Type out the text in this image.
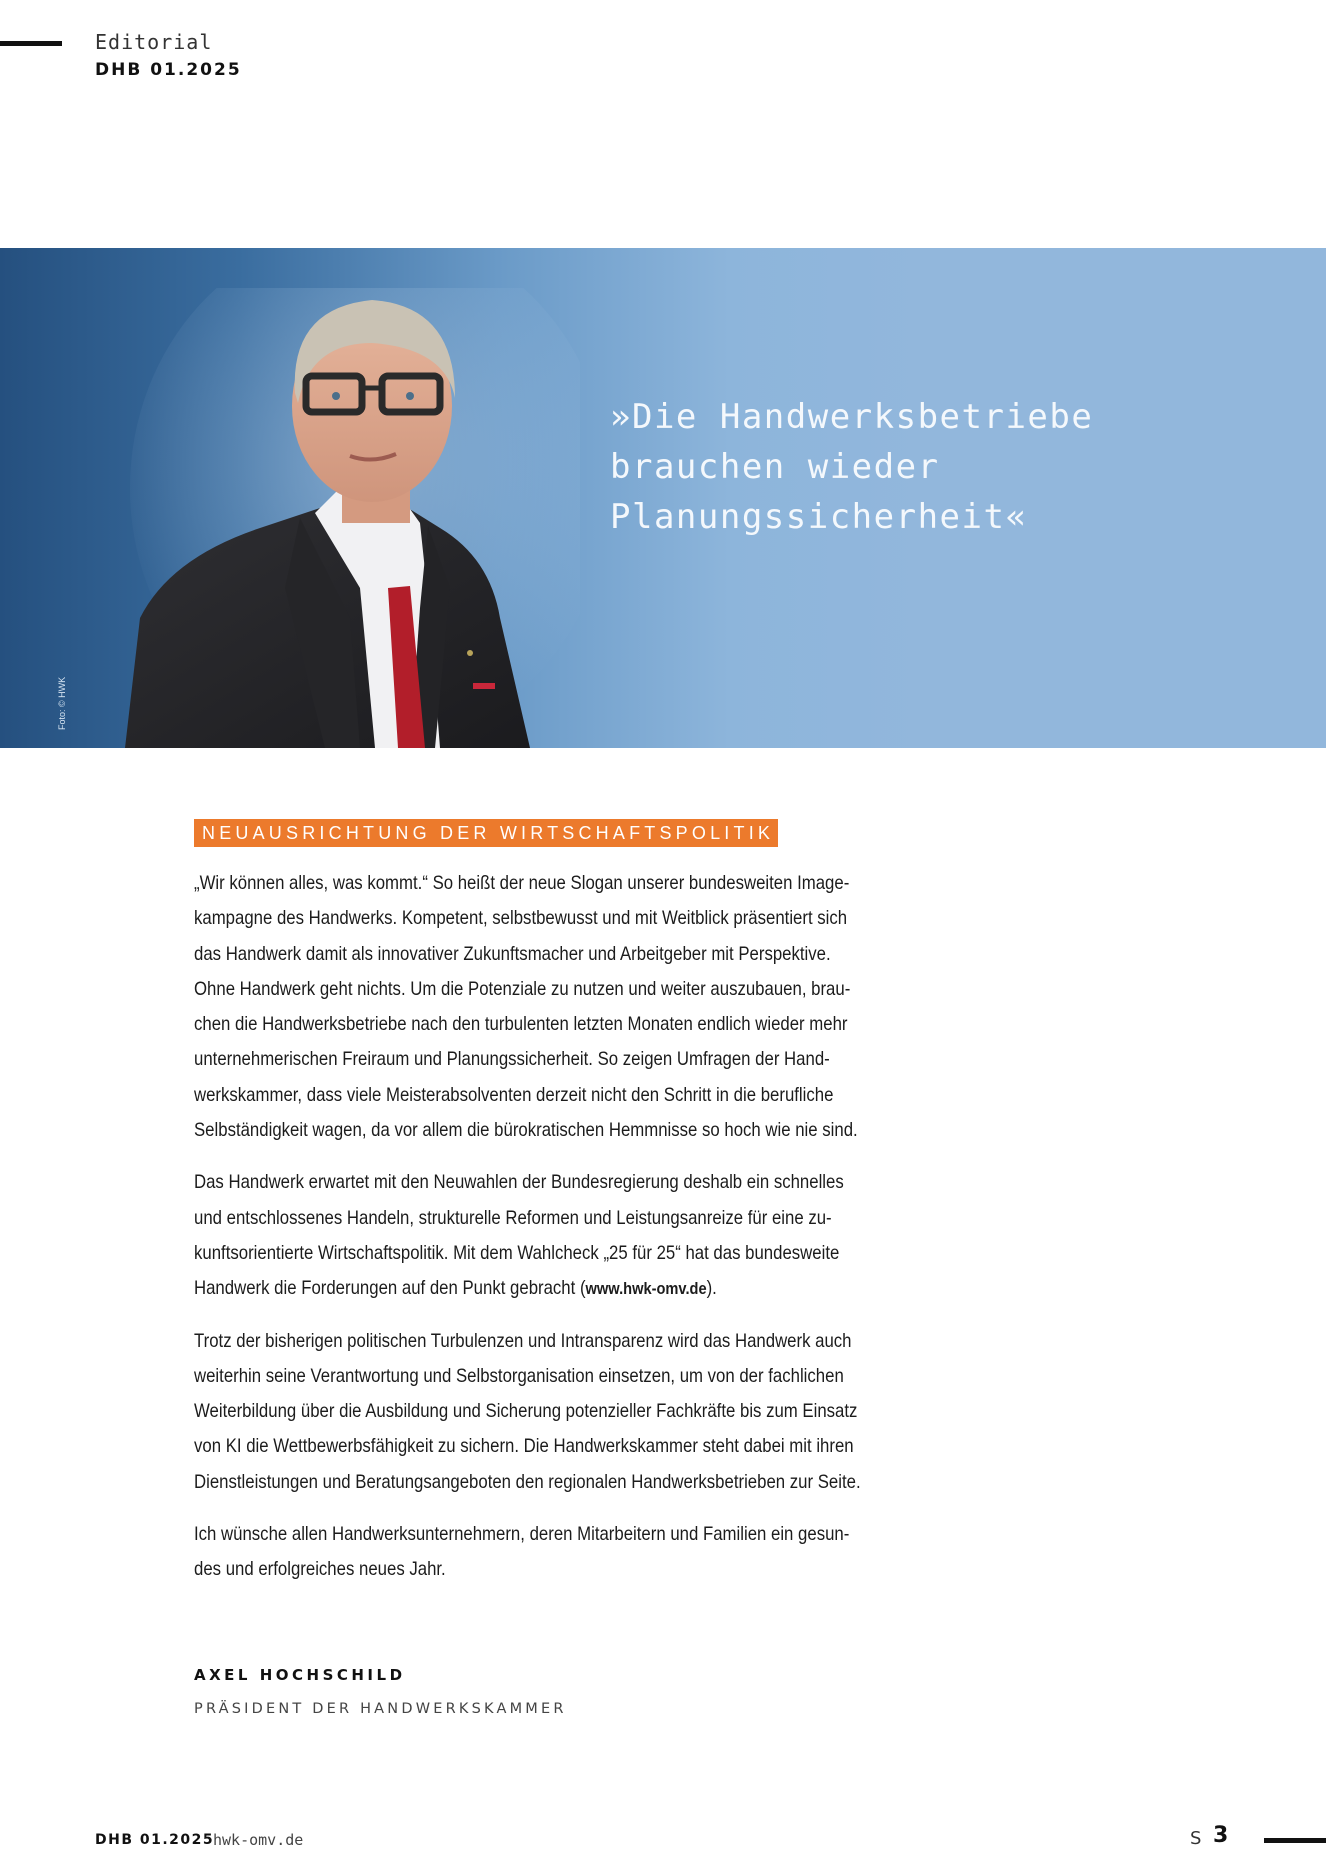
Editorial
DHB 01.2025
»Die Handwerksbetriebe
brauchen wieder
Planungssicherheit«
Foto: © HWK
NEUAUSRICHTUNG DER WIRTSCHAFTSPOLITIK

„Wir können alles, was kommt.“ So heißt der neue Slogan unserer bundesweiten Image-
kampagne des Handwerks. Kompetent, selbstbewusst und mit Weitblick präsentiert sich
das Handwerk damit als innovativer Zukunftsmacher und Arbeitgeber mit Perspektive.
Ohne Handwerk geht nichts. Um die Potenziale zu nutzen und weiter auszubauen, brau-
chen die Handwerksbetriebe nach den turbulenten letzten Monaten endlich wieder mehr
unternehmerischen Freiraum und Planungssicherheit. So zeigen Umfragen der Hand-
werkskammer, dass viele Meisterabsolventen derzeit nicht den Schritt in die berufliche
Selbständigkeit wagen, da vor allem die bürokratischen Hemmnisse so hoch wie nie sind.

Das Handwerk erwartet mit den Neuwahlen der Bundesregierung deshalb ein schnelles
und entschlossenes Handeln, strukturelle Reformen und Leistungsanreize für eine zu-
kunftsorientierte Wirtschaftspolitik. Mit dem Wahlcheck „25 für 25“ hat das bundesweite
Handwerk die Forderungen auf den Punkt gebracht (www.hwk-omv.de).

Trotz der bisherigen politischen Turbulenzen und Intransparenz wird das Handwerk auch
weiterhin seine Verantwortung und Selbstorganisation einsetzen, um von der fachlichen
Weiterbildung über die Ausbildung und Sicherung potenzieller Fachkräfte bis zum Einsatz
von KI die Wettbewerbsfähigkeit zu sichern. Die Handwerkskammer steht dabei mit ihren
Dienstleistungen und Beratungsangeboten den regionalen Handwerksbetrieben zur Seite.

Ich wünsche allen Handwerksunternehmern, deren Mitarbeitern und Familien ein gesun-
des und erfolgreiches neues Jahr.

AXEL HOCHSCHILD
PRÄSIDENT DER HANDWERKSKAMMER
DHB 01.2025
hwk-omv.de	S 3
